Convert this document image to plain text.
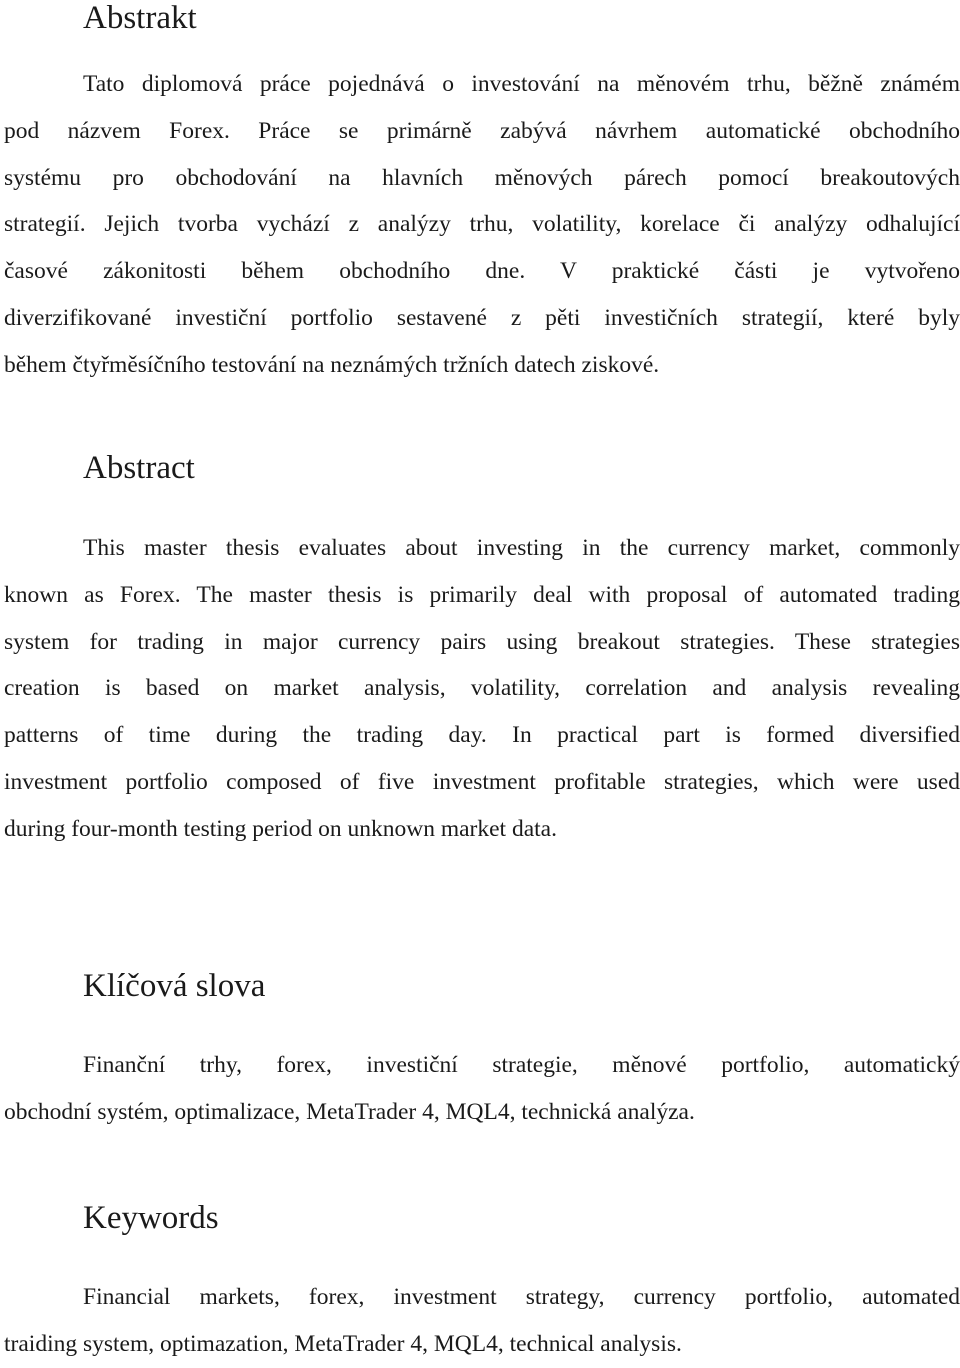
Abstrakt

Tato diplomová práce pojednává o investování na měnovém trhu, běžně známém
pod názvem Forex. Práce se primárně zabývá návrhem automatické obchodního
systému pro obchodování na hlavních měnových párech pomocí breakoutových
strategií. Jejich tvorba vychází z analýzy trhu, volatility, korelace či analýzy odhalující
časové zákonitosti během obchodního dne. V praktické části je vytvořeno
diverzifikované investiční portfolio sestavené z pěti investičních strategií, které byly
během čtyřměsíčního testování na neznámých tržních datech ziskové.

Abstract

This master thesis evaluates about investing in the currency market, commonly
known as Forex. The master thesis is primarily deal with proposal of automated trading
system for trading in major currency pairs using breakout strategies. These strategies
creation is based on market analysis, volatility, correlation and analysis revealing
patterns of time during the trading day. In practical part is formed diversified
investment portfolio composed of five investment profitable strategies, which were used
during four-month testing period on unknown market data.

Klíčová slova

Finanční trhy, forex, investiční strategie, měnové portfolio, automatický
obchodní systém, optimalizace, MetaTrader 4, MQL4, technická analýza.

Keywords

Financial markets, forex, investment strategy, currency portfolio, automated
traiding system, optimazation, MetaTrader 4, MQL4, technical analysis.
